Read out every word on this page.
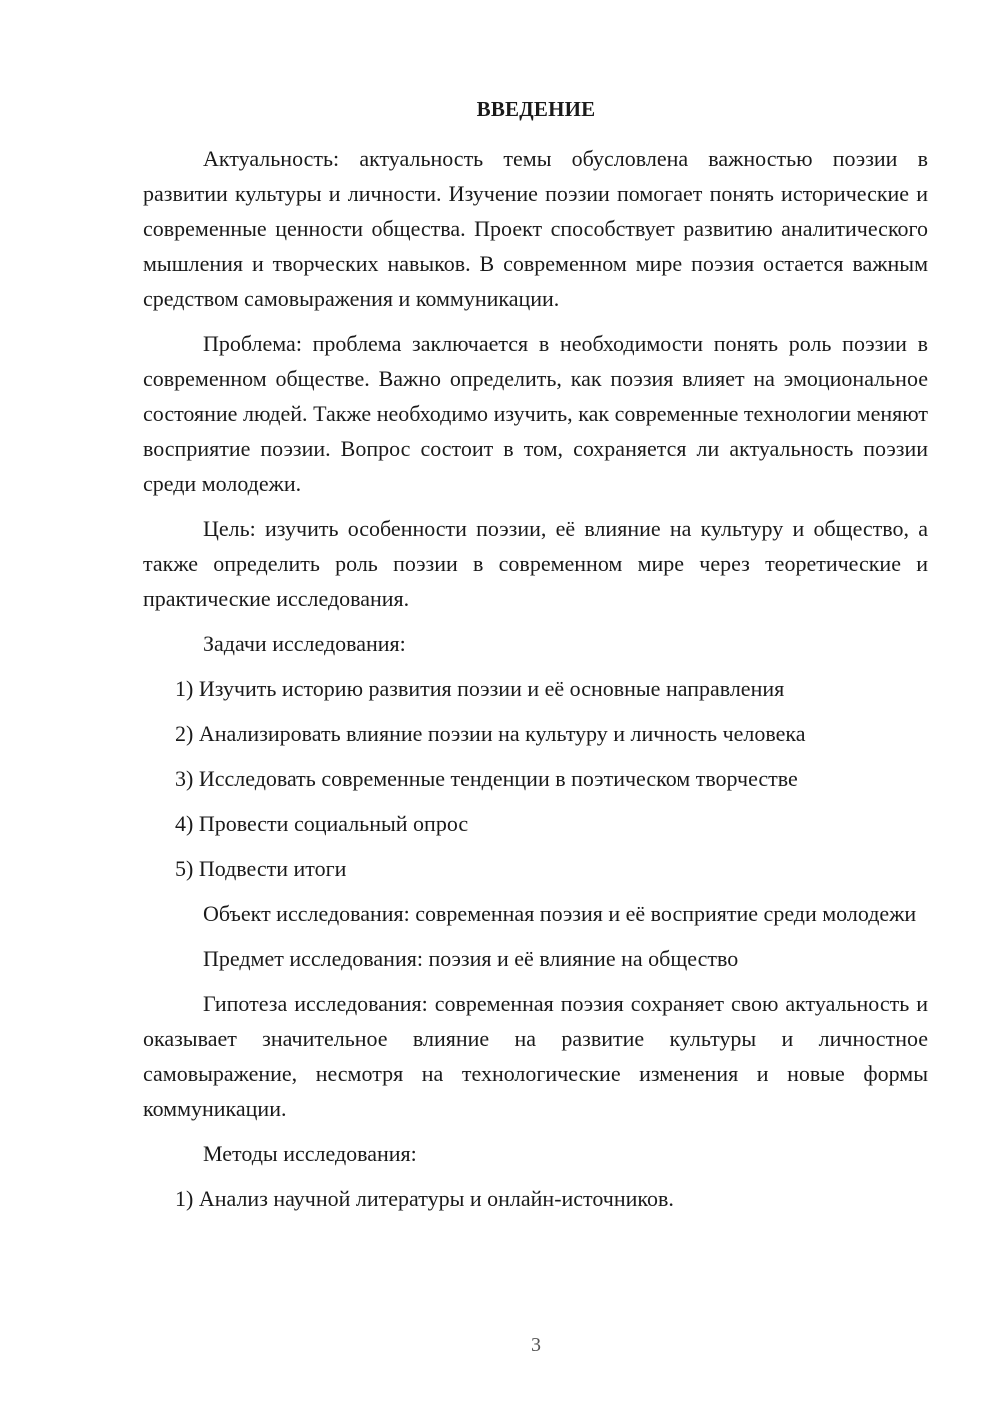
ВВЕДЕНИЕ

Актуальность: актуальность темы обусловлена важностью поэзии в развитии культуры и личности. Изучение поэзии помогает понять исторические и современные ценности общества. Проект способствует развитию аналитического мышления и творческих навыков. В современном мире поэзия остается важным средством самовыражения и коммуникации.

Проблема: проблема заключается в необходимости понять роль поэзии в современном обществе. Важно определить, как поэзия влияет на эмоциональное состояние людей. Также необходимо изучить, как современные технологии меняют восприятие поэзии. Вопрос состоит в том, сохраняется ли актуальность поэзии среди молодежи.

Цель: изучить особенности поэзии, её влияние на культуру и общество, а также определить роль поэзии в современном мире через теоретические и практические исследования.

Задачи исследования:

1) Изучить историю развития поэзии и её основные направления

2) Анализировать влияние поэзии на культуру и личность человека

3) Исследовать современные тенденции в поэтическом творчестве

4) Провести социальный опрос

5) Подвести итоги

Объект исследования: современная поэзия и её восприятие среди молодежи

Предмет исследования: поэзия и её влияние на общество

Гипотеза исследования: современная поэзия сохраняет свою актуальность и оказывает значительное влияние на развитие культуры и личностное самовыражение, несмотря на технологические изменения и новые формы коммуникации.

Методы исследования:

1) Анализ научной литературы и онлайн-источников.

3
